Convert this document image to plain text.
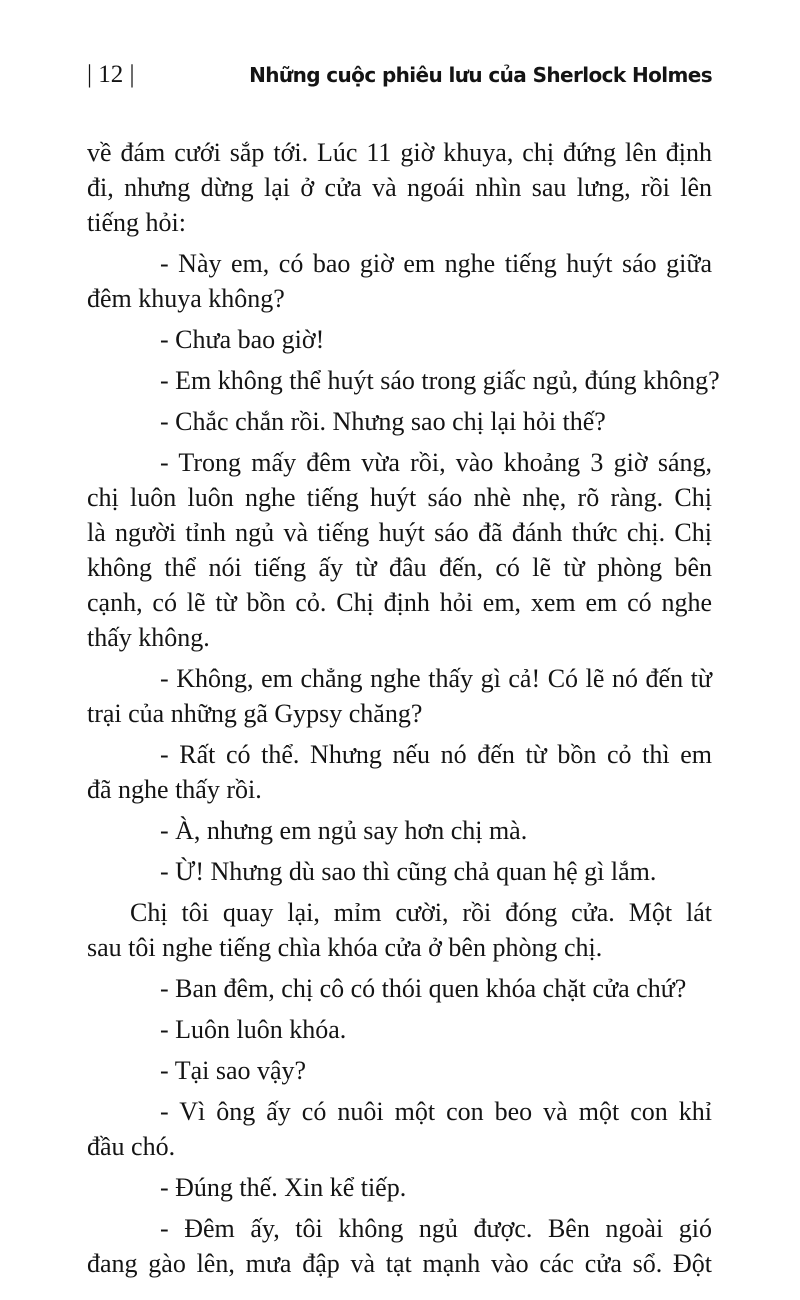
| 12 |	Những cuộc phiêu lưu của Sherlock Holmes
về đám cưới sắp tới. Lúc 11 giờ khuya, chị đứng lên định
đi, nhưng dừng lại ở cửa và ngoái nhìn sau lưng, rồi lên
tiếng hỏi:
- Này em, có bao giờ em nghe tiếng huýt sáo giữa
đêm khuya không?
- Chưa bao giờ!
- Em không thể huýt sáo trong giấc ngủ, đúng không?
- Chắc chắn rồi. Nhưng sao chị lại hỏi thế?
- Trong mấy đêm vừa rồi, vào khoảng 3 giờ sáng,
chị luôn luôn nghe tiếng huýt sáo nhè nhẹ, rõ ràng. Chị
là người tỉnh ngủ và tiếng huýt sáo đã đánh thức chị. Chị
không thể nói tiếng ấy từ đâu đến, có lẽ từ phòng bên
cạnh, có lẽ từ bồn cỏ. Chị định hỏi em, xem em có nghe
thấy không.
- Không, em chẳng nghe thấy gì cả! Có lẽ nó đến từ
trại của những gã Gypsy chăng?
- Rất có thể. Nhưng nếu nó đến từ bồn cỏ thì em
đã nghe thấy rồi.
- À, nhưng em ngủ say hơn chị mà.
- Ừ! Nhưng dù sao thì cũng chả quan hệ gì lắm.
Chị tôi quay lại, mỉm cười, rồi đóng cửa. Một lát
sau tôi nghe tiếng chìa khóa cửa ở bên phòng chị.
- Ban đêm, chị cô có thói quen khóa chặt cửa chứ?
- Luôn luôn khóa.
- Tại sao vậy?
- Vì ông ấy có nuôi một con beo và một con khỉ
đầu chó.
- Đúng thế. Xin kể tiếp.
- Đêm ấy, tôi không ngủ được. Bên ngoài gió
đang gào lên, mưa đập và tạt mạnh vào các cửa sổ. Đột
